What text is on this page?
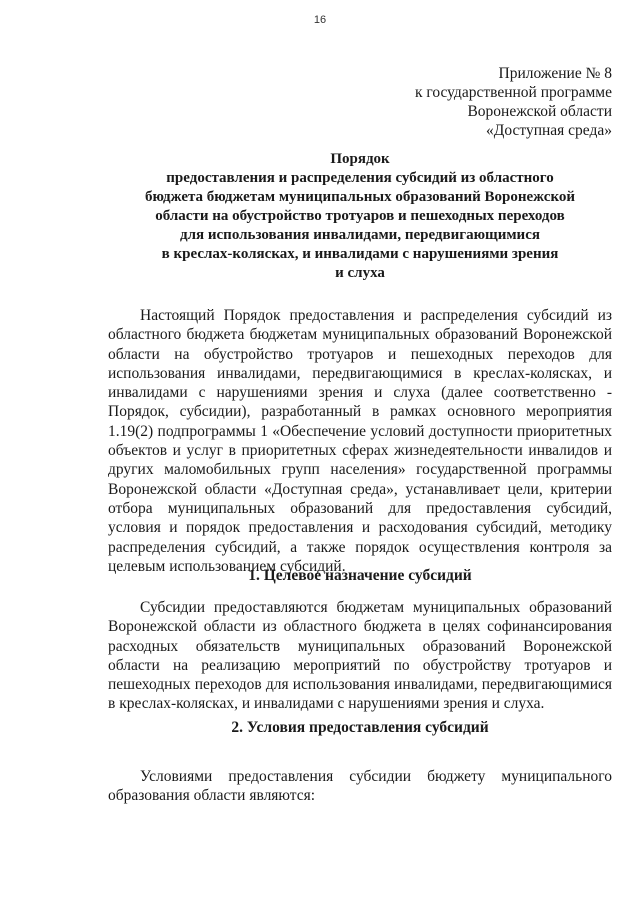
16
Приложение № 8
к государственной программе
Воронежской области
«Доступная среда»
Порядок
предоставления и распределения субсидий из областного
бюджета бюджетам муниципальных образований Воронежской
области на обустройство тротуаров и пешеходных переходов
для использования инвалидами, передвигающимися
в креслах-колясках, и инвалидами с нарушениями зрения
и слуха

Настоящий Порядок предоставления и распределения субсидий из областного бюджета бюджетам муниципальных образований Воронежской области на обустройство тротуаров и пешеходных переходов для использования инвалидами, передвигающимися в креслах-колясках, и инвалидами с нарушениями зрения и слуха (далее соответственно - Порядок, субсидии), разработанный в рамках основного мероприятия 1.19(2) подпрограммы 1 «Обеспечение условий доступности приоритетных объектов и услуг в приоритетных сферах жизнедеятельности инвалидов и других маломобильных групп населения» государственной программы Воронежской области «Доступная среда», устанавливает цели, критерии отбора муниципальных образований для предоставления субсидий, условия и порядок предоставления и расходования субсидий, методику распределения субсидий, а также порядок осуществления контроля за целевым использованием субсидий.

1. Целевое назначение субсидий

Субсидии предоставляются бюджетам муниципальных образований Воронежской области из областного бюджета в целях софинансирования расходных обязательств муниципальных образований Воронежской области на реализацию мероприятий по обустройству тротуаров и пешеходных переходов для использования инвалидами, передвигающимися в креслах-колясках, и инвалидами с нарушениями зрения и слуха.

2. Условия предоставления субсидий

Условиями предоставления субсидии бюджету муниципального образования области являются:
